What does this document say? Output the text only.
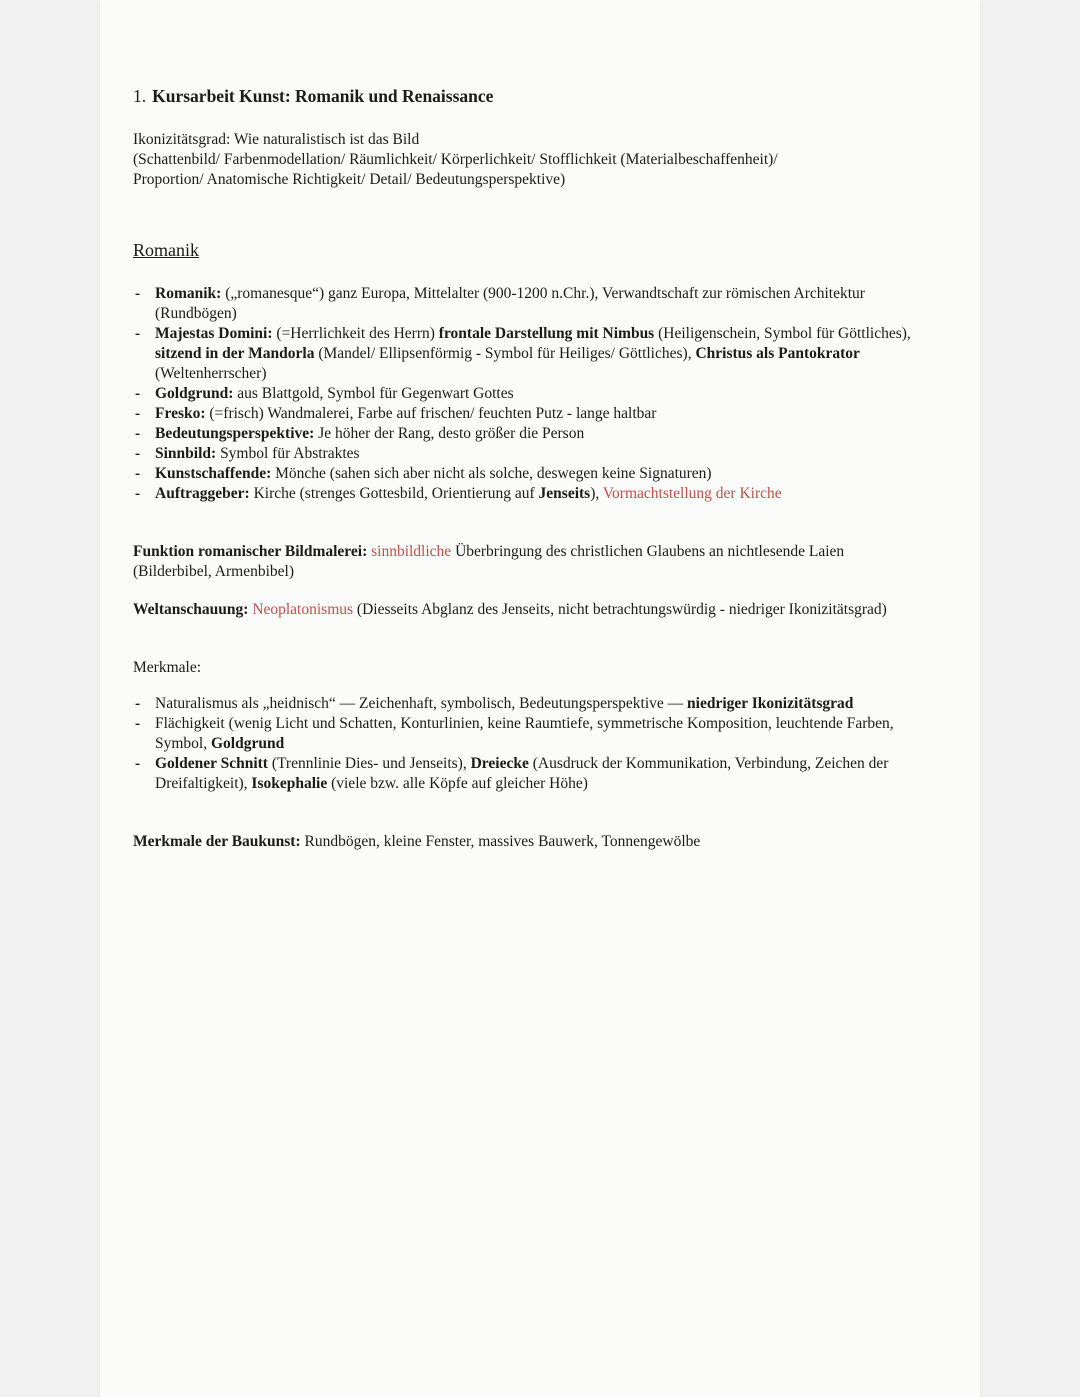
1. Kursarbeit Kunst: Romanik und Renaissance

Ikonizitätsgrad: Wie naturalistisch ist das Bild

(Schattenbild/ Farbenmodellation/ Räumlichkeit/ Körperlichkeit/ Stofflichkeit (Materialbeschaffenheit)/

Proportion/ Anatomische Richtigkeit/ Detail/ Bedeutungsperspektive)

Romanik
- Romanik: („romanesque“) ganz Europa, Mittelalter (900-1200 n.Chr.), Verwandtschaft zur römischen Architektur (Rundbögen)
- Majestas Domini: (=Herrlichkeit des Herrn) frontale Darstellung mit Nimbus (Heiligenschein, Symbol für Göttliches), sitzend in der Mandorla (Mandel/ Ellipsenförmig - Symbol für Heiliges/ Göttliches), Christus als Pantokrator (Weltenherrscher)
- Goldgrund: aus Blattgold, Symbol für Gegenwart Gottes
- Fresko: (=frisch) Wandmalerei, Farbe auf frischen/ feuchten Putz - lange haltbar
- Bedeutungsperspektive: Je höher der Rang, desto größer die Person
- Sinnbild: Symbol für Abstraktes
- Kunstschaffende: Mönche (sahen sich aber nicht als solche, deswegen keine Signaturen)
- Auftraggeber: Kirche (strenges Gottesbild, Orientierung auf Jenseits), Vormachtstellung der Kirche

Funktion romanischer Bildmalerei: sinnbildliche Überbringung des christlichen Glaubens an nichtlesende Laien (Bilderbibel, Armenbibel)

Weltanschauung: Neoplatonismus (Diesseits Abglanz des Jenseits, nicht betrachtungswürdig - niedriger Ikonizitätsgrad)

Merkmale:

- Naturalismus als „heidnisch“ — Zeichenhaft, symbolisch, Bedeutungsperspektive — niedriger Ikonizitätsgrad
- Flächigkeit (wenig Licht und Schatten, Konturlinien, keine Raumtiefe, symmetrische Komposition, leuchtende Farben, Symbol, Goldgrund
- Goldener Schnitt (Trennlinie Dies- und Jenseits), Dreiecke (Ausdruck der Kommunikation, Verbindung, Zeichen der Dreifaltigkeit), Isokephalie (viele bzw. alle Köpfe auf gleicher Höhe)

Merkmale der Baukunst: Rundbögen, kleine Fenster, massives Bauwerk, Tonnengewölbe
